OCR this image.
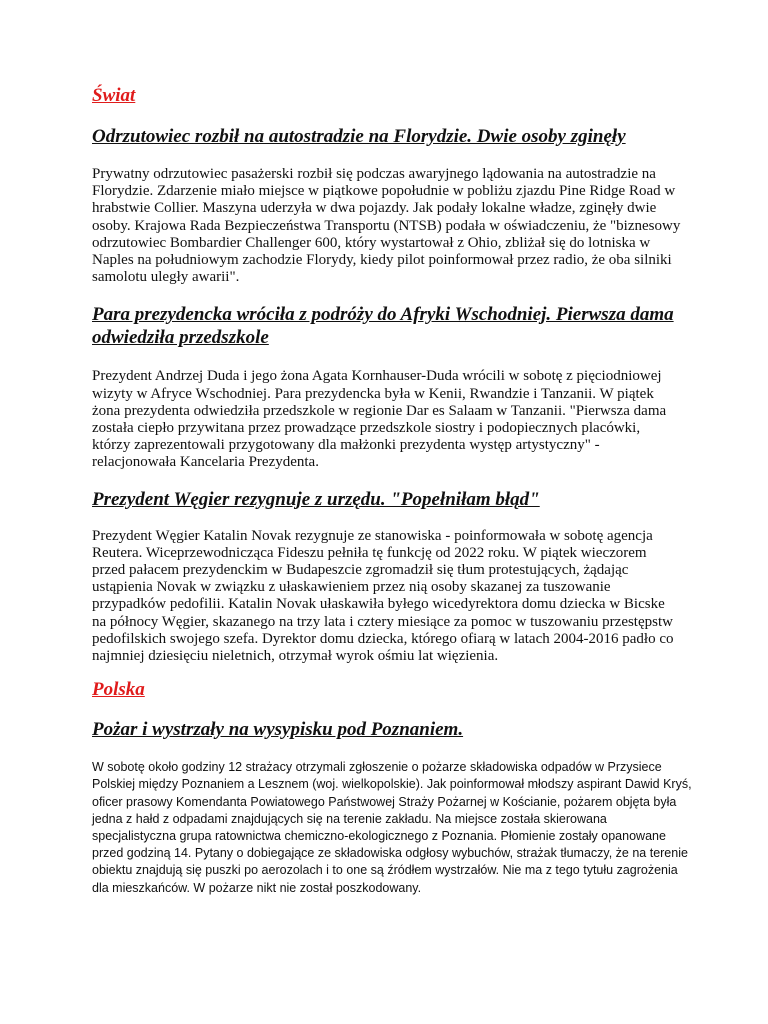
Świat
Odrzutowiec rozbił na autostradzie na Florydzie. Dwie osoby zginęły

Prywatny odrzutowiec pasażerski rozbił się podczas awaryjnego lądowania na autostradzie na Florydzie. Zdarzenie miało miejsce w piątkowe popołudnie w pobliżu zjazdu Pine Ridge Road w hrabstwie Collier. Maszyna uderzyła w dwa pojazdy. Jak podały lokalne władze, zginęły dwie osoby. Krajowa Rada Bezpieczeństwa Transportu (NTSB) podała w oświadczeniu, że "biznesowy odrzutowiec Bombardier Challenger 600, który wystartował z Ohio, zbliżał się do lotniska w Naples na południowym zachodzie Florydy, kiedy pilot poinformował przez radio, że oba silniki samolotu uległy awarii".

Para prezydencka wróciła z podróży do Afryki Wschodniej. Pierwsza dama odwiedziła przedszkole

Prezydent Andrzej Duda i jego żona Agata Kornhauser-Duda wrócili w sobotę z pięciodniowej wizyty w Afryce Wschodniej. Para prezydencka była w Kenii, Rwandzie i Tanzanii. W piątek żona prezydenta odwiedziła przedszkole w regionie Dar es Salaam w Tanzanii. "Pierwsza dama została ciepło przywitana przez prowadzące przedszkole siostry i podopiecznych placówki, którzy zaprezentowali przygotowany dla małżonki prezydenta występ artystyczny" - relacjonowała Kancelaria Prezydenta.

Prezydent Węgier rezygnuje z urzędu. "Popełniłam błąd"

Prezydent Węgier Katalin Novak rezygnuje ze stanowiska - poinformowała w sobotę agencja Reutera. Wiceprzewodnicząca Fideszu pełniła tę funkcję od 2022 roku. W piątek wieczorem przed pałacem prezydenckim w Budapeszcie zgromadził się tłum protestujących, żądając ustąpienia Novak w związku z ułaskawieniem przez nią osoby skazanej za tuszowanie przypadków pedofilii. Katalin Novak ułaskawiła byłego wicedyrektora domu dziecka w Bicske na północy Węgier, skazanego na trzy lata i cztery miesiące za pomoc w tuszowaniu przestępstw pedofilskich swojego szefa. Dyrektor domu dziecka, którego ofiarą w latach 2004-2016 padło co najmniej dziesięciu nieletnich, otrzymał wyrok ośmiu lat więzienia.

Polska
Pożar i wystrzały na wysypisku pod Poznaniem.

W sobotę około godziny 12 strażacy otrzymali zgłoszenie o pożarze składowiska odpadów w Przysiece Polskiej między Poznaniem a Lesznem (woj. wielkopolskie). Jak poinformował młodszy aspirant Dawid Kryś, oficer prasowy Komendanta Powiatowego Państwowej Straży Pożarnej w Kościanie, pożarem objęta była jedna z hałd z odpadami znajdujących się na terenie zakładu. Na miejsce została skierowana specjalistyczna grupa ratownictwa chemiczno-ekologicznego z Poznania. Płomienie zostały opanowane przed godziną 14. Pytany o dobiegające ze składowiska odgłosy wybuchów, strażak tłumaczy, że na terenie obiektu znajdują się puszki po aerozolach i to one są źródłem wystrzałów. Nie ma z tego tytułu zagrożenia dla mieszkańców. W pożarze nikt nie został poszkodowany.
